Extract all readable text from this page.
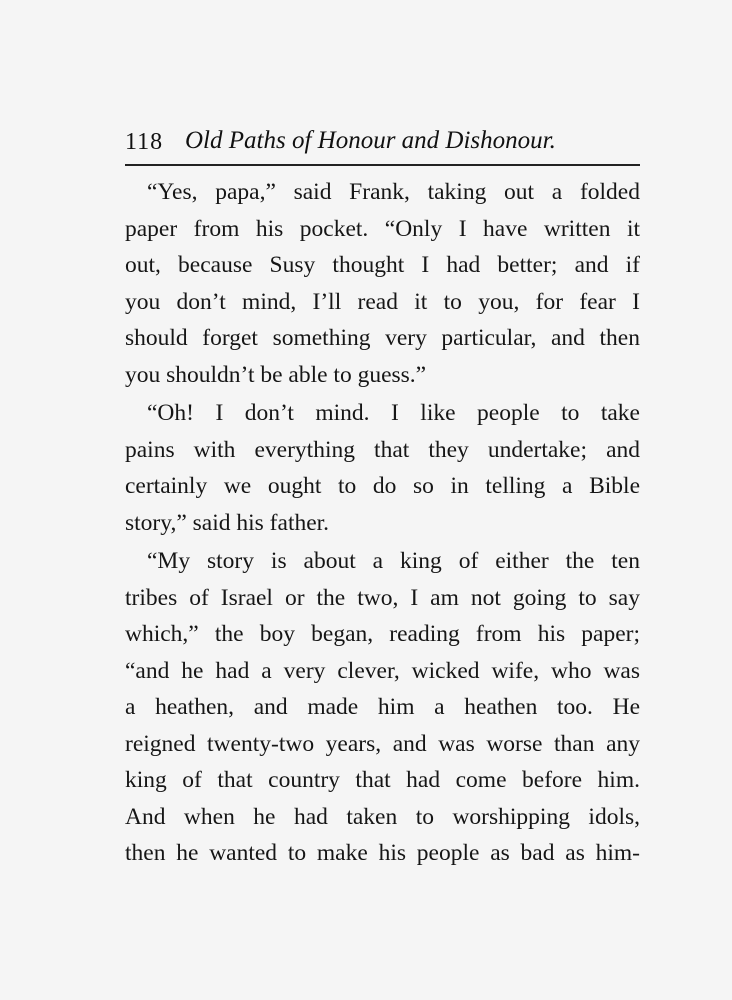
118 Old Paths of Honour and Dishonour.
“Yes, papa,” said Frank, taking out a folded
paper from his pocket. “Only I have written it
out, because Susy thought I had better; and if
you don’t mind, I’ll read it to you, for fear I
should forget something very particular, and then
you shouldn’t be able to guess.”
“Oh! I don’t mind. I like people to take
pains with everything that they undertake; and
certainly we ought to do so in telling a Bible
story,” said his father.
“My story is about a king of either the ten
tribes of Israel or the two, I am not going to say
which,” the boy began, reading from his paper;
“and he had a very clever, wicked wife, who was
a heathen, and made him a heathen too. He
reigned twenty-two years, and was worse than any
king of that country that had come before him.
And when he had taken to worshipping idols,
then he wanted to make his people as bad as him-
